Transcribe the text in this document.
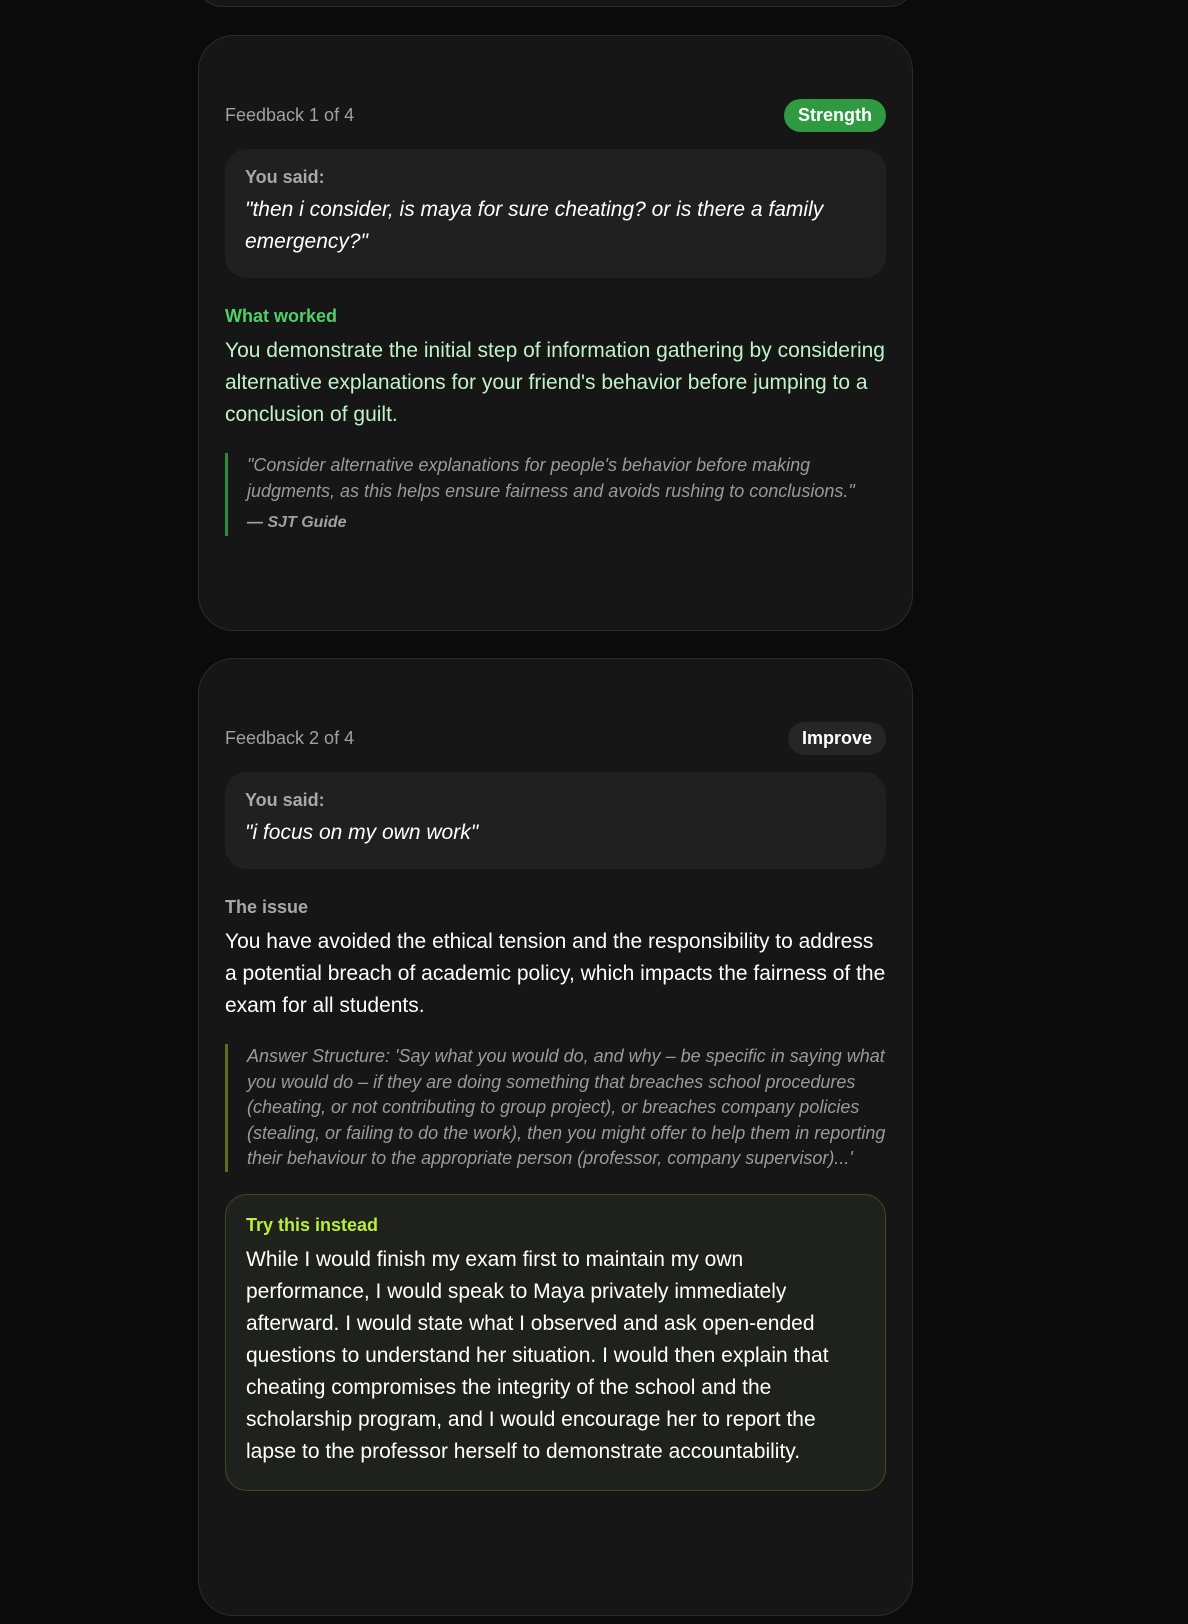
Feedback 1 of 4	Strength
You said:
"then i consider, is maya for sure cheating? or is there a family emergency?"
What worked
You demonstrate the initial step of information gathering by considering alternative explanations for your friend's behavior before jumping to a conclusion of guilt.
"Consider alternative explanations for people's behavior before making judgments, as this helps ensure fairness and avoids rushing to conclusions."
— SJT Guide
Feedback 2 of 4	Improve
You said:
"i focus on my own work"
The issue
You have avoided the ethical tension and the responsibility to address a potential breach of academic policy, which impacts the fairness of the exam for all students.
Answer Structure: 'Say what you would do, and why – be specific in saying what you would do – if they are doing something that breaches school procedures (cheating, or not contributing to group project), or breaches company policies (stealing, or failing to do the work), then you might offer to help them in reporting their behaviour to the appropriate person (professor, company supervisor)...'
Try this instead
While I would finish my exam first to maintain my own performance, I would speak to Maya privately immediately afterward. I would state what I observed and ask open-ended questions to understand her situation. I would then explain that cheating compromises the integrity of the school and the scholarship program, and I would encourage her to report the lapse to the professor herself to demonstrate accountability.
